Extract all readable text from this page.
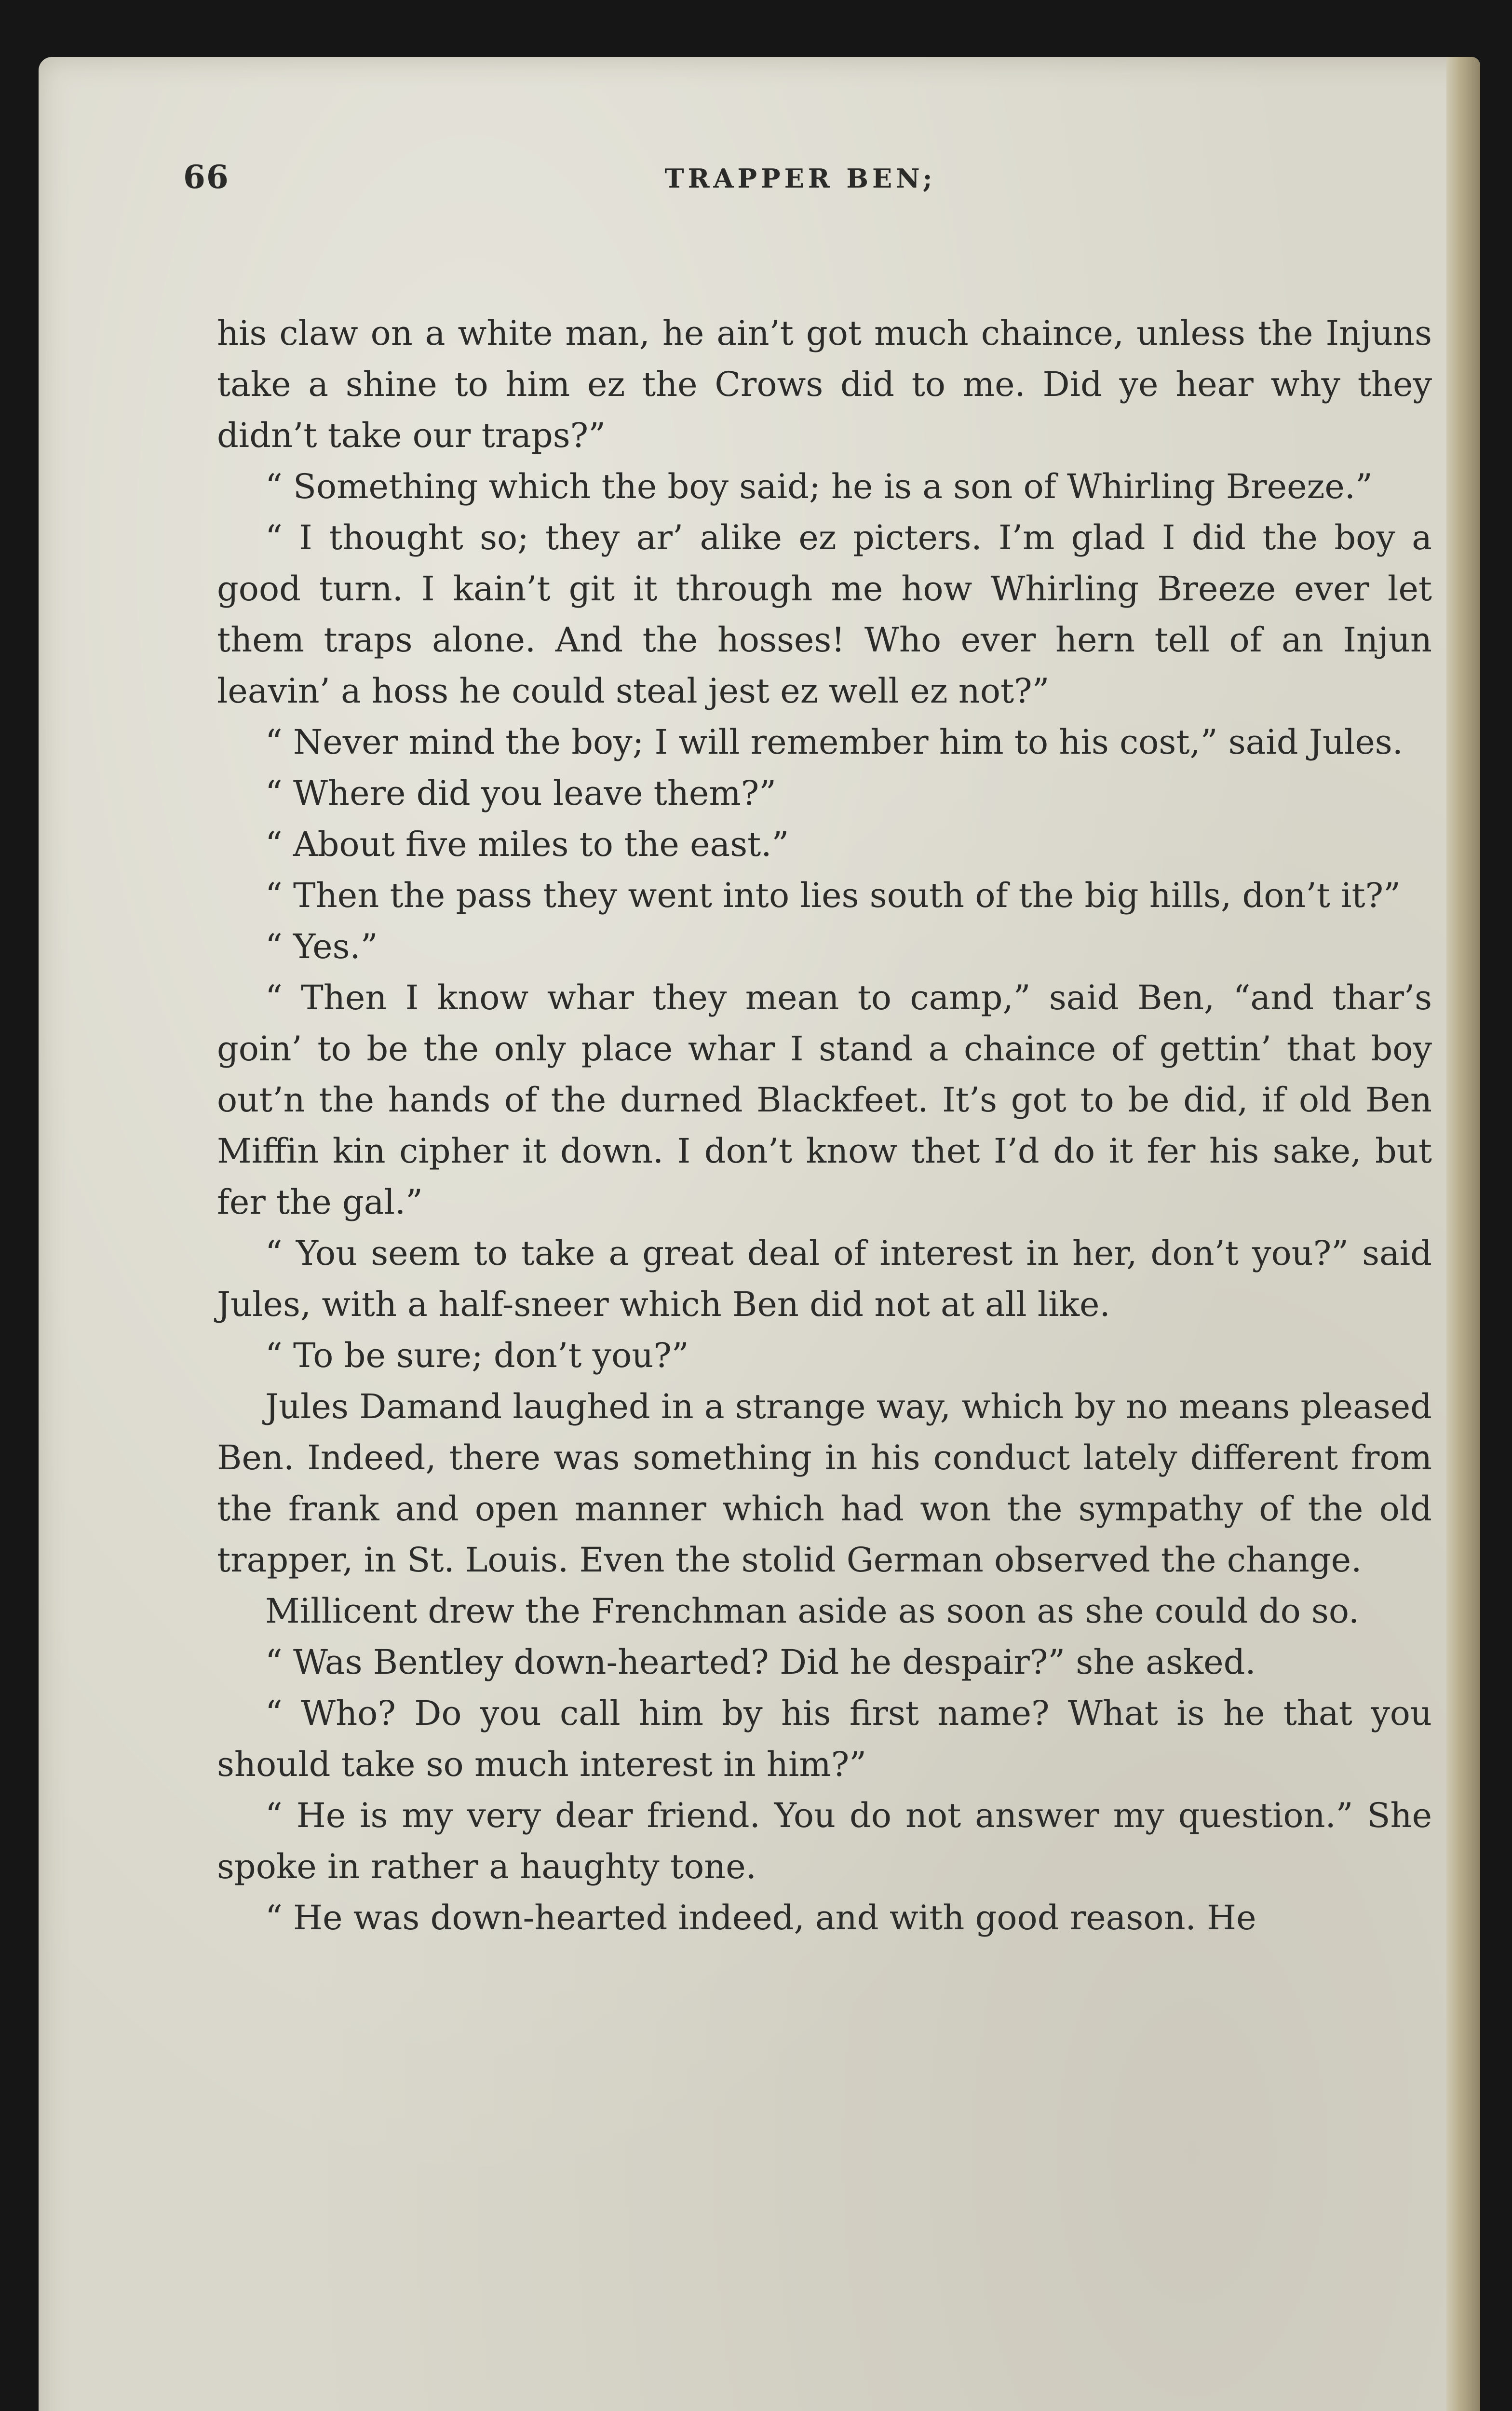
66	TRAPPER BEN;

his claw on a white man, he ain’t got much chaince, unless the Injuns take a shine to him ez the Crows did to me. Did ye hear why they didn’t take our traps?”

“ Something which the boy said; he is a son of Whirling Breeze.”

“ I thought so; they ar’ alike ez picters. I’m glad I did the boy a good turn. I kain’t git it through me how Whirling Breeze ever let them traps alone. And the hosses! Who ever hern tell of an Injun leavin’ a hoss he could steal jest ez well ez not?”

“ Never mind the boy; I will remember him to his cost,” said Jules.

“ Where did you leave them?”

“ About five miles to the east.”

“ Then the pass they went into lies south of the big hills, don’t it?”

“ Yes.”

“ Then I know whar they mean to camp,” said Ben, “and thar’s goin’ to be the only place whar I stand a chaince of gettin’ that boy out’n the hands of the durned Blackfeet. It’s got to be did, if old Ben Miffin kin cipher it down. I don’t know thet I’d do it fer his sake, but fer the gal.”

“ You seem to take a great deal of interest in her, don’t you?” said Jules, with a half-sneer which Ben did not at all like.

“ To be sure; don’t you?”

Jules Damand laughed in a strange way, which by no means pleased Ben. Indeed, there was something in his conduct lately different from the frank and open manner which had won the sympathy of the old trapper, in St. Louis. Even the stolid German observed the change.

Millicent drew the Frenchman aside as soon as she could do so.

“ Was Bentley down-hearted? Did he despair?” she asked.

“ Who? Do you call him by his first name? What is he that you should take so much interest in him?”

“ He is my very dear friend. You do not answer my question.” She spoke in rather a haughty tone.

“ He was down-hearted indeed, and with good reason. He
